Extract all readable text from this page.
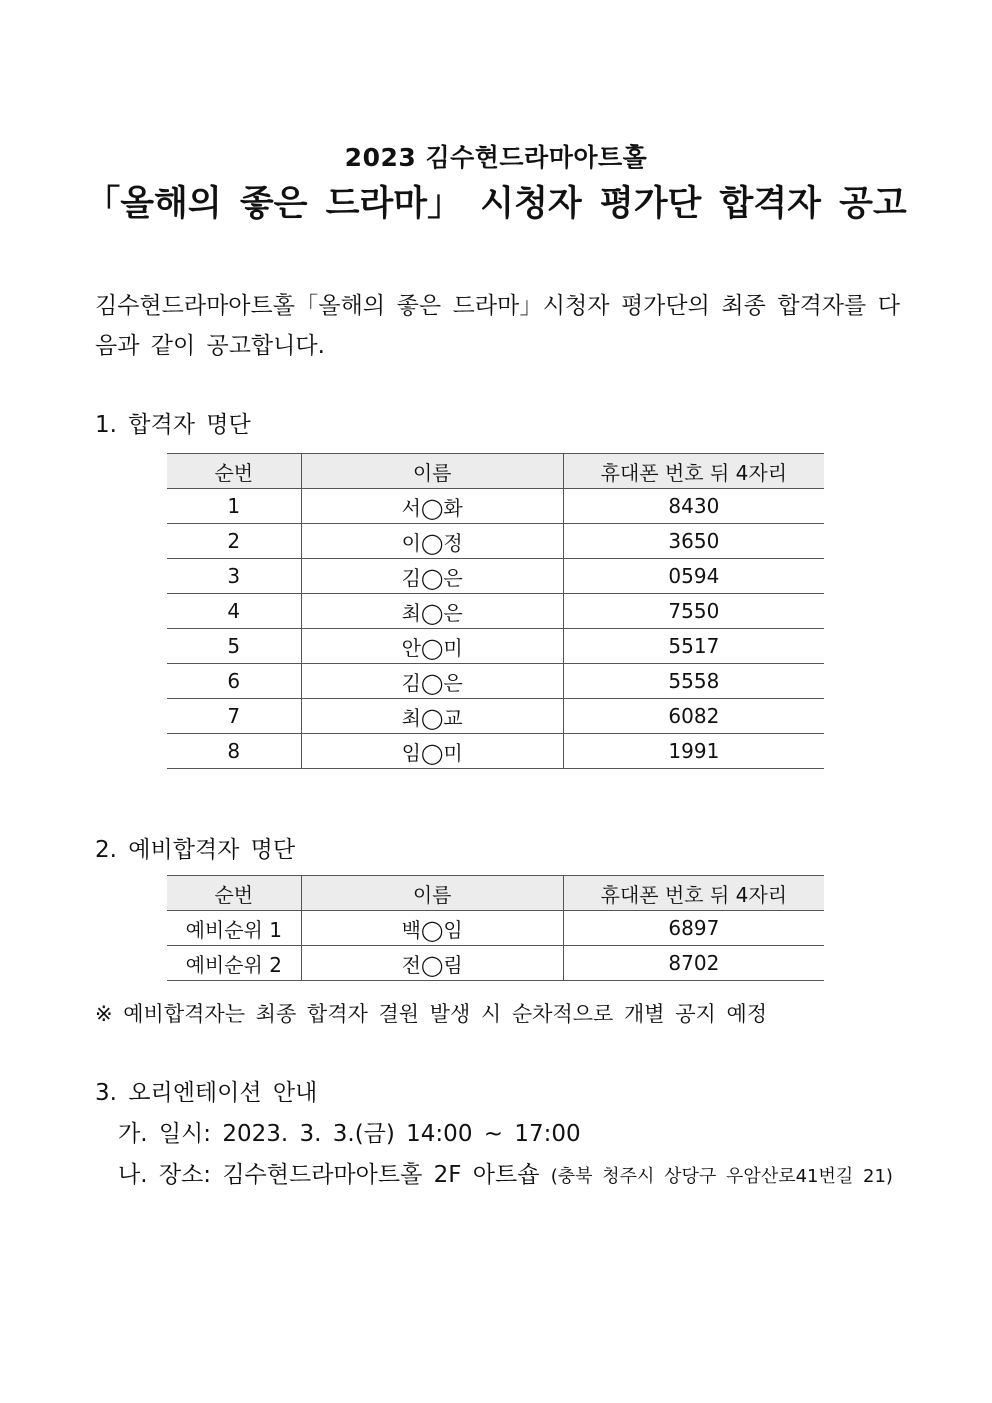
2023 김수현드라마아트홀
「올해의 좋은 드라마」 시청자 평가단 합격자 공고
김수현드라마아트홀「올해의 좋은 드라마」시청자 평가단의 최종 합격자를 다음과 같이 공고합니다.
1. 합격자 명단
순번	이름	휴대폰 번호 뒤 4자리
1	서◯화	8430
2	이◯정	3650
3	김◯은	0594
4	최◯은	7550
5	안◯미	5517
6	김◯은	5558
7	최◯교	6082
8	임◯미	1991
2. 예비합격자 명단
순번	이름	휴대폰 번호 뒤 4자리
예비순위 1	백◯임	6897
예비순위 2	전◯림	8702
※ 예비합격자는 최종 합격자 결원 발생 시 순차적으로 개별 공지 예정
3. 오리엔테이션 안내
가. 일시: 2023. 3. 3.(금) 14:00 ~ 17:00
나. 장소: 김수현드라마아트홀 2F 아트숍 (충북 청주시 상당구 우암산로41번길 21)
